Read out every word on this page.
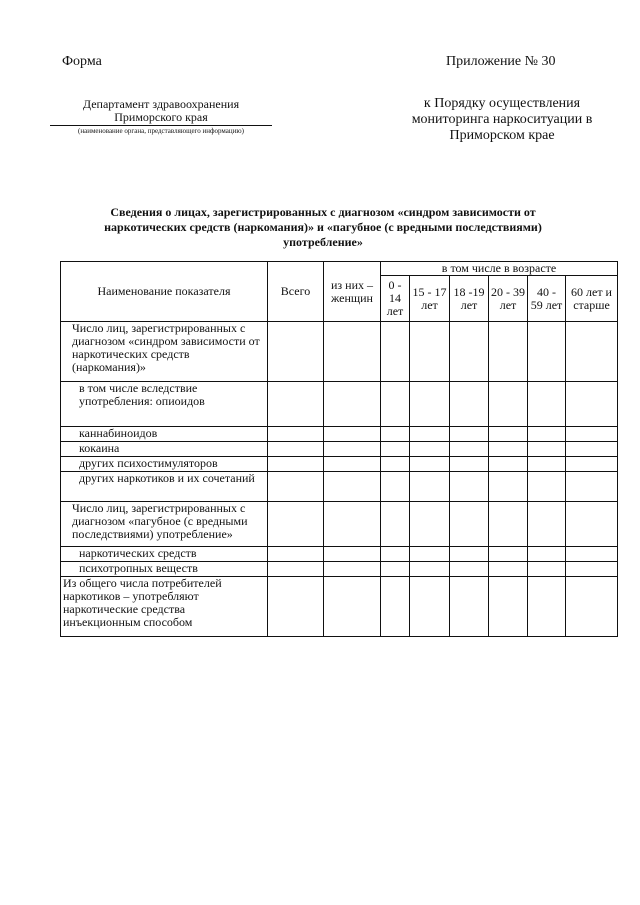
Форма	Приложение № 30
Департамент здравоохранения Приморского края
(наименование органа, представляющего информацию)
к Порядку осуществления мониторинга наркоситуации в Приморском крае
Сведения о лицах, зарегистрированных с диагнозом «синдром зависимости от наркотических средств (наркомания)» и «пагубное (с вредными последствиями) употребление»
Наименование показателя	Всего	из них – женщин	в том числе в возрасте						
			0 - 14 лет	15 - 17 лет	18 -19 лет	20 - 39 лет	40 - 59 лет	60 лет и старше	
Число лиц, зарегистрированных с диагнозом «синдром зависимости от наркотических средств (наркомания)»									
в том числе вследствие употребления: опиоидов									
каннабиноидов									
кокаина									
других психостимуляторов									
других наркотиков и их сочетаний									
Число лиц, зарегистрированных с диагнозом «пагубное (с вредными последствиями) употребление»									
наркотических средств									
психотропных веществ									
Из общего числа потребителей наркотиков – употребляют наркотические средства инъекционным способом									
